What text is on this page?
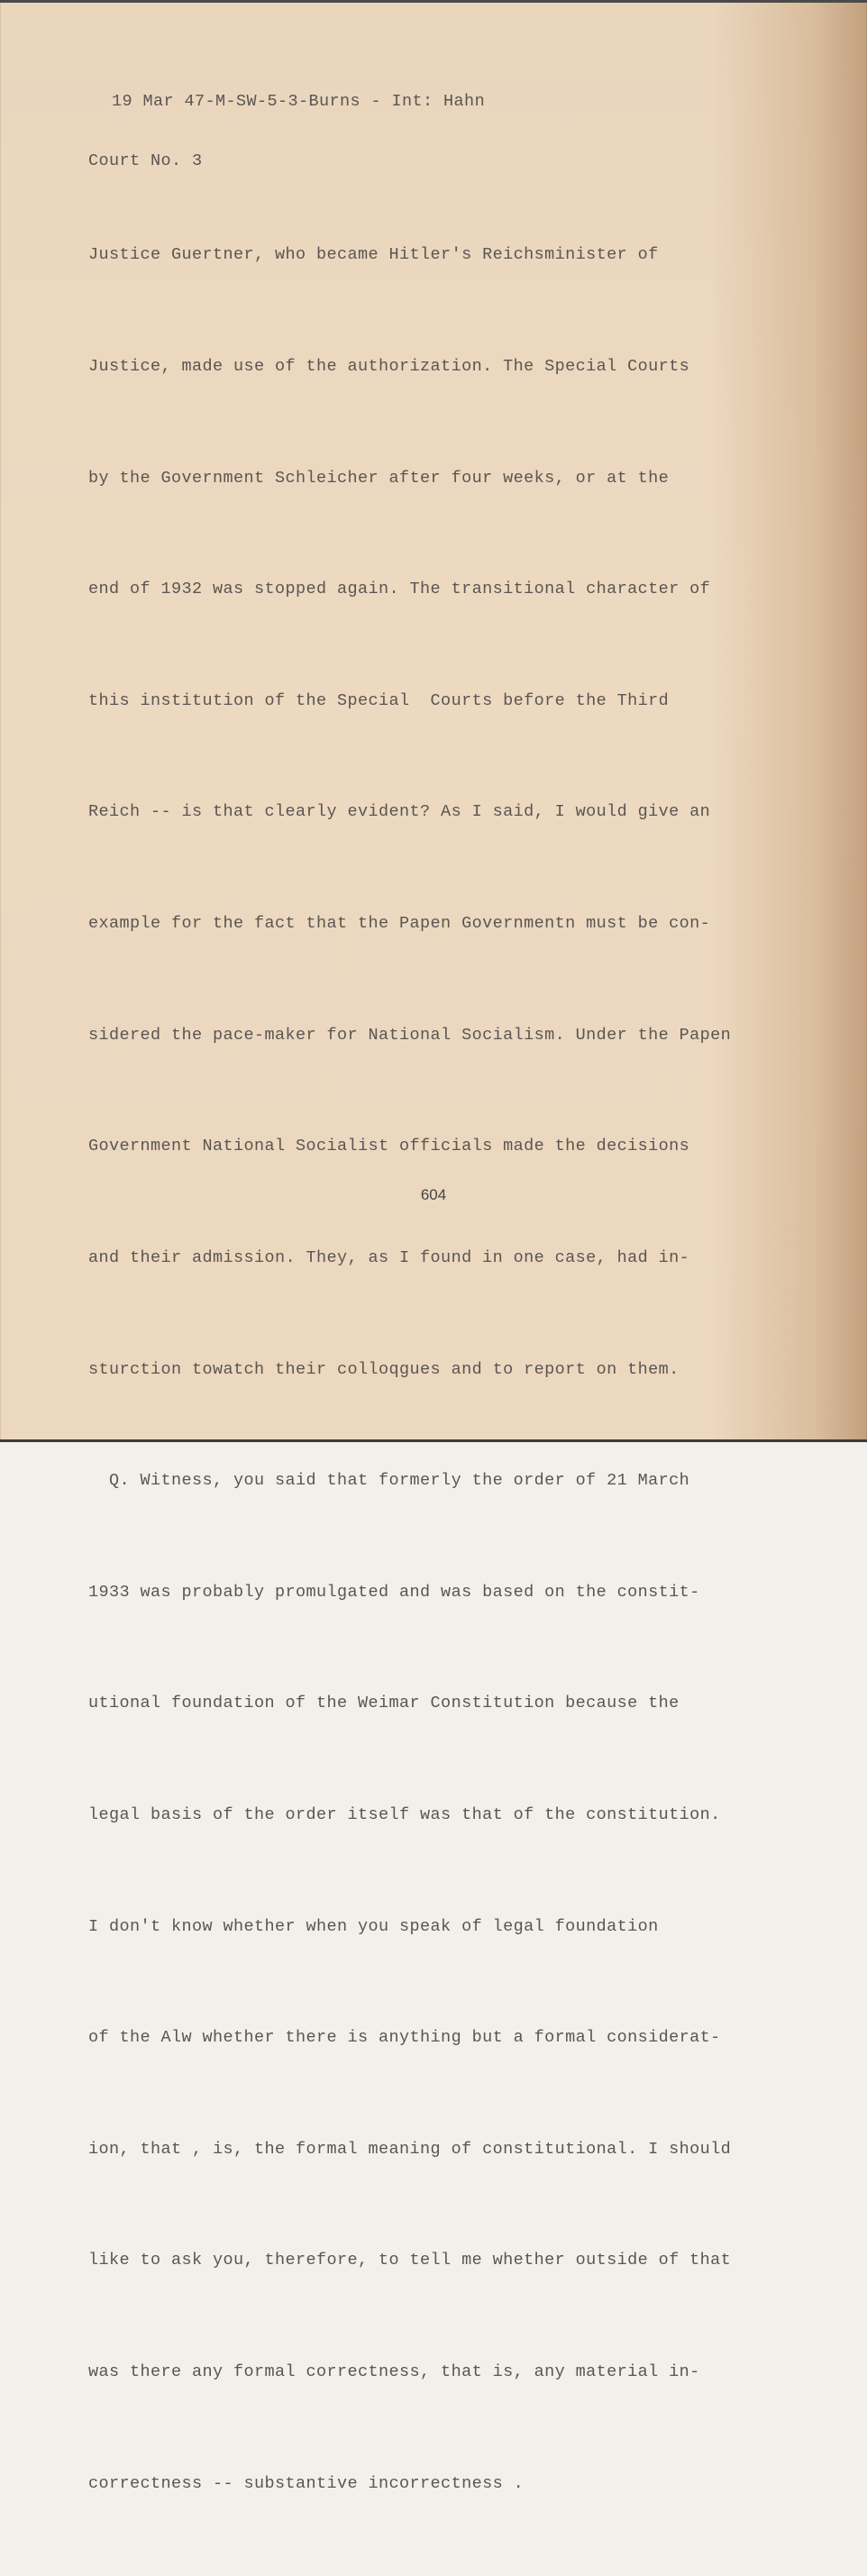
19 Mar 47-M-SW-5-3-Burns - Int: Hahn

Court No. 3

Justice Guertner, who became Hitler's Reichsminister of

Justice, made use of the authorization. The Special Courts

by the Government Schleicher after four weeks, or at the

end of 1932 was stopped again. The transitional character of

this institution of the Special  Courts before the Third

Reich -- is that clearly evident? As I said, I would give an

example for the fact that the Papen Governmentn must be con-

sidered the pace-maker for National Socialism. Under the Papen

Government National Socialist officials made the decisions

and their admission. They, as I found in one case, had in-

sturction towatch their colloqgues and to report on them.

Q. Witness, you said that formerly the order of 21 March

1933 was probably promulgated and was based on the constit-

utional foundation of the Weimar Constitution because the

legal basis of the order itself was that of the constitution.

I don't know whether when you speak of legal foundation

of the Alw whether there is anything but a formal considerat-

ion, that , is, the formal meaning of constitutional. I should

like to ask you, therefore, to tell me whether outside of that

was there any formal correctness, that is, any material in-

correctness -- substantive incorrectness .

604
